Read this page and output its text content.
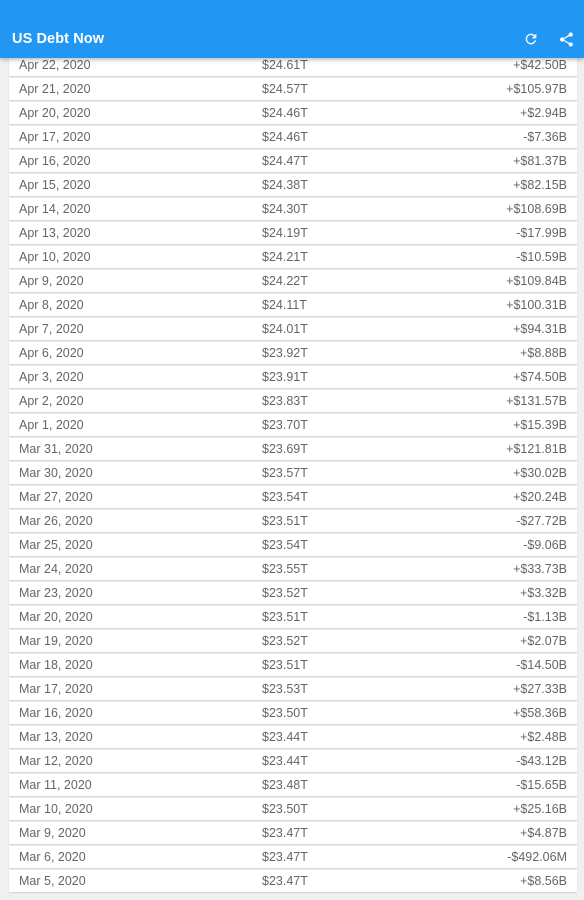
US Debt Now
Apr 22, 2020	$24.61T	+$42.50B
Apr 21, 2020	$24.57T	+$105.97B
Apr 20, 2020	$24.46T	+$2.94B
Apr 17, 2020	$24.46T	-$7.36B
Apr 16, 2020	$24.47T	+$81.37B
Apr 15, 2020	$24.38T	+$82.15B
Apr 14, 2020	$24.30T	+$108.69B
Apr 13, 2020	$24.19T	-$17.99B
Apr 10, 2020	$24.21T	-$10.59B
Apr 9, 2020	$24.22T	+$109.84B
Apr 8, 2020	$24.11T	+$100.31B
Apr 7, 2020	$24.01T	+$94.31B
Apr 6, 2020	$23.92T	+$8.88B
Apr 3, 2020	$23.91T	+$74.50B
Apr 2, 2020	$23.83T	+$131.57B
Apr 1, 2020	$23.70T	+$15.39B
Mar 31, 2020	$23.69T	+$121.81B
Mar 30, 2020	$23.57T	+$30.02B
Mar 27, 2020	$23.54T	+$20.24B
Mar 26, 2020	$23.51T	-$27.72B
Mar 25, 2020	$23.54T	-$9.06B
Mar 24, 2020	$23.55T	+$33.73B
Mar 23, 2020	$23.52T	+$3.32B
Mar 20, 2020	$23.51T	-$1.13B
Mar 19, 2020	$23.52T	+$2.07B
Mar 18, 2020	$23.51T	-$14.50B
Mar 17, 2020	$23.53T	+$27.33B
Mar 16, 2020	$23.50T	+$58.36B
Mar 13, 2020	$23.44T	+$2.48B
Mar 12, 2020	$23.44T	-$43.12B
Mar 11, 2020	$23.48T	-$15.65B
Mar 10, 2020	$23.50T	+$25.16B
Mar 9, 2020	$23.47T	+$4.87B
Mar 6, 2020	$23.47T	-$492.06M
Mar 5, 2020	$23.47T	+$8.56B
